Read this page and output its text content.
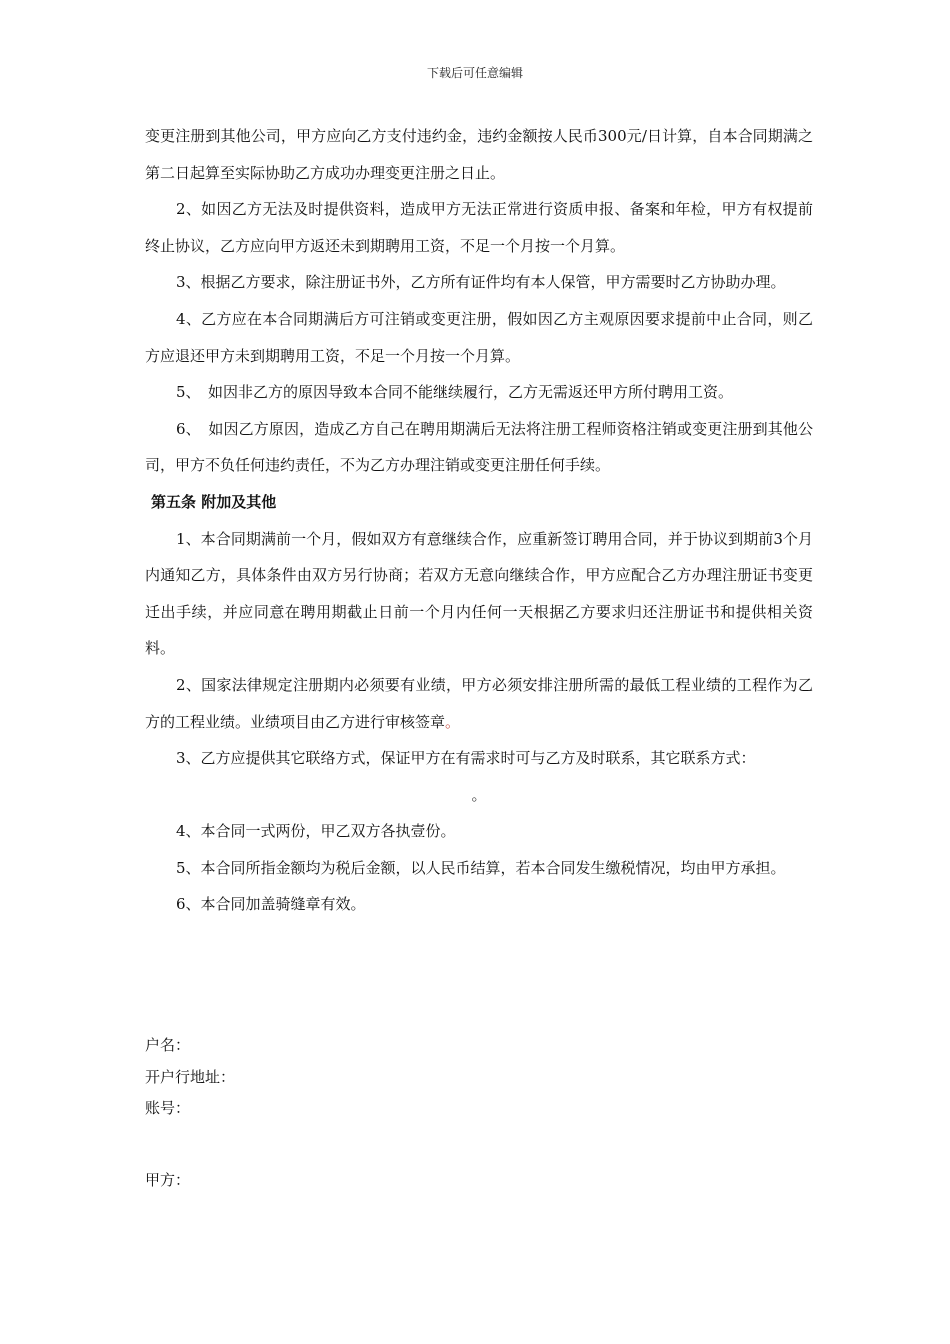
下载后可任意编辑

变更注册到其他公司，甲方应向乙方支付违约金，违约金额按人民币300元/日计算，自本合同期满之第二日起算至实际协助乙方成功办理变更注册之日止。

2、如因乙方无法及时提供资料，造成甲方无法正常进行资质申报、备案和年检，甲方有权提前终止协议，乙方应向甲方返还未到期聘用工资，不足一个月按一个月算。

3、根据乙方要求，除注册证书外，乙方所有证件均有本人保管，甲方需要时乙方协助办理。

4、乙方应在本合同期满后方可注销或变更注册，假如因乙方主观原因要求提前中止合同，则乙方应退还甲方未到期聘用工资，不足一个月按一个月算。

5、　如因非乙方的原因导致本合同不能继续履行，乙方无需返还甲方所付聘用工资。

6、　如因乙方原因，造成乙方自己在聘用期满后无法将注册工程师资格注销或变更注册到其他公司，甲方不负任何违约责任，不为乙方办理注销或变更注册任何手续。

第五条 附加及其他

1、本合同期满前一个月，假如双方有意继续合作，应重新签订聘用合同，并于协议到期前3个月内通知乙方，具体条件由双方另行协商；若双方无意向继续合作，甲方应配合乙方办理注册证书变更迁出手续，并应同意在聘用期截止日前一个月内任何一天根据乙方要求归还注册证书和提供相关资料。

2、国家法律规定注册期内必须要有业绩，甲方必须安排注册所需的最低工程业绩的工程作为乙方的工程业绩。业绩项目由乙方进行审核签章。

3、乙方应提供其它联络方式，保证甲方在有需求时可与乙方及时联系，其它联系方式：

。

4、本合同一式两份，甲乙双方各执壹份。

5、本合同所指金额均为税后金额，以人民币结算，若本合同发生缴税情况，均由甲方承担。

6、本合同加盖骑缝章有效。

户名：

开户行地址：

账号：

甲方：
